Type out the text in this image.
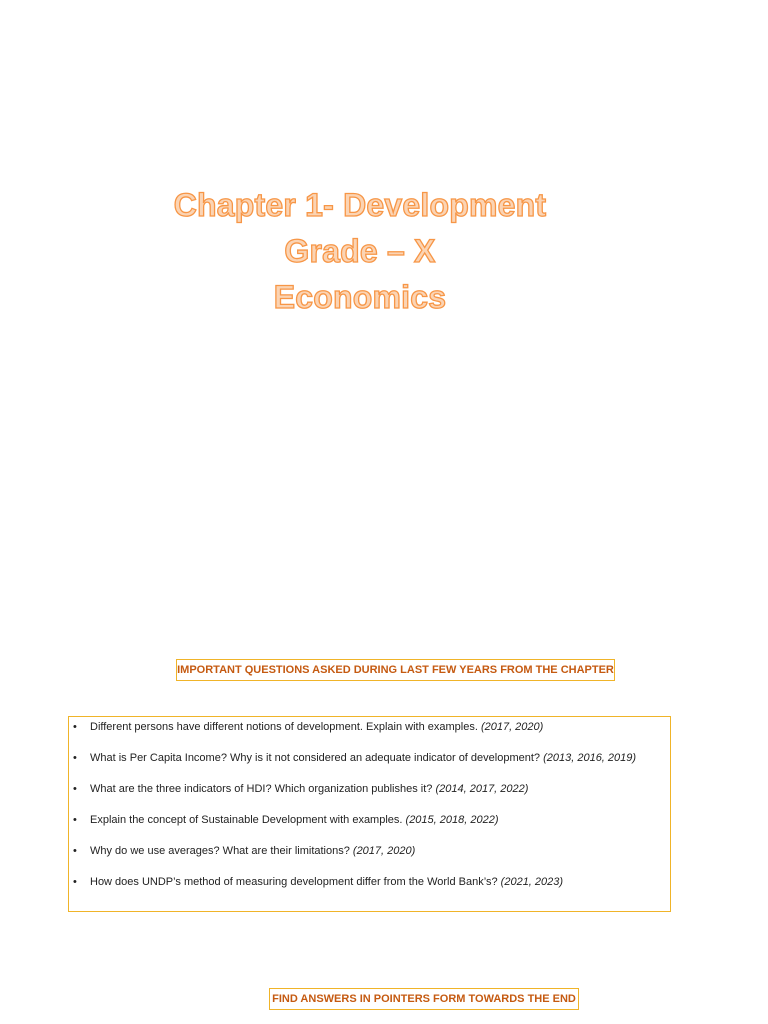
Chapter 1- Development
Grade – X
Economics
IMPORTANT QUESTIONS ASKED DURING LAST FEW YEARS FROM THE CHAPTER
• Different persons have different notions of development. Explain with examples. (2017, 2020)
• What is Per Capita Income? Why is it not considered an adequate indicator of development? (2013, 2016, 2019)
• What are the three indicators of HDI? Which organization publishes it? (2014, 2017, 2022)
• Explain the concept of Sustainable Development with examples. (2015, 2018, 2022)
• Why do we use averages? What are their limitations? (2017, 2020)
• How does UNDP’s method of measuring development differ from the World Bank’s? (2021, 2023)
FIND ANSWERS IN POINTERS FORM TOWARDS THE END
